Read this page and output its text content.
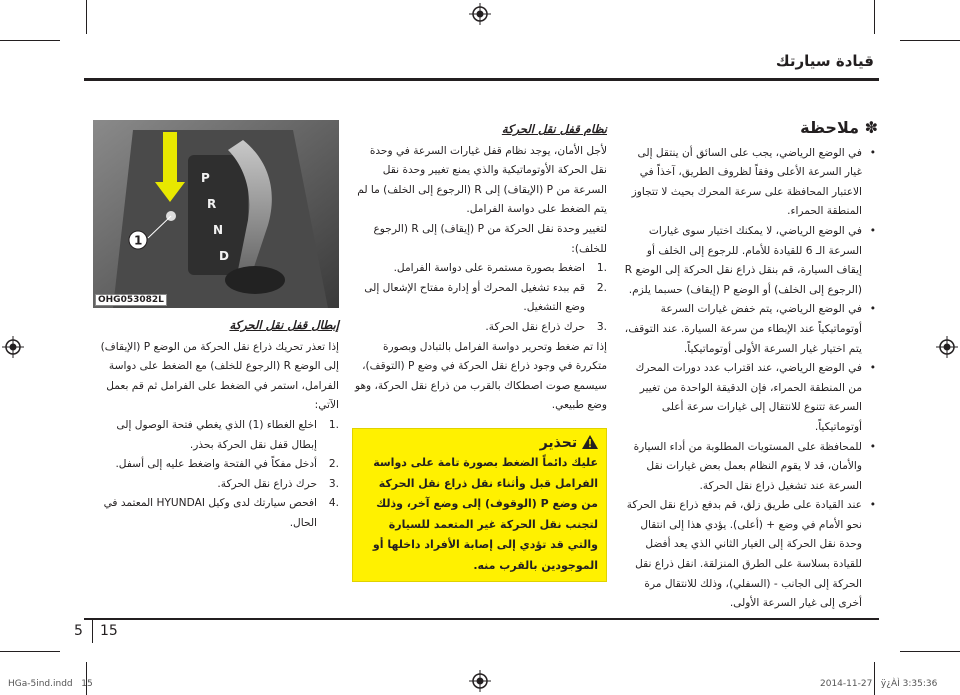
قيادة سيارتك
✽ ملاحظة
• في الوضع الرياضي، يجب على السائق أن ينتقل إلى غيار السرعة الأعلى وفقاً لظروف الطريق، آخذاً في الاعتبار المحافظة على سرعة المحرك بحيث لا تتجاوز المنطقة الحمراء.
• في الوضع الرياضي، لا يمكنك اختيار سوى غيارات السرعة الـ 6 للقيادة للأمام. للرجوع إلى الخلف أو إيقاف السيارة، قم بنقل ذراع نقل الحركة إلى الوضع R (الرجوع إلى الخلف) أو الوضع P (إيقاف) حسبما يلزم.
• في الوضع الرياضي، يتم خفض غيارات السرعة أوتوماتيكياً عند الإبطاء من سرعة السيارة. عند التوقف، يتم اختيار غيار السرعة الأولى أوتوماتيكياً.
• في الوضع الرياضي، عند اقتراب عدد دورات المحرك من المنطقة الحمراء، فإن الدقيقة الواحدة من تغيير السرعة تتنوع للانتقال إلى غيارات سرعة أعلى أوتوماتيكياً.
• للمحافظة على المستويات المطلوبة من أداء السيارة والأمان، قد لا يقوم النظام بعمل بعض غيارات نقل السرعة عند تشغيل ذراع نقل الحركة.
• عند القيادة على طريق زلق، قم بدفع ذراع نقل الحركة نحو الأمام في وضع + (أعلى). يؤدي هذا إلى انتقال وحدة نقل الحركة إلى الغيار الثاني الذي يعد أفضل للقيادة بسلاسة على الطرق المنزلقة. انقل ذراع نقل الحركة إلى الجانب - (السفلي)، وذلك للانتقال مرة أخرى إلى غيار السرعة الأولى.

نظام قفل نقل الحركة

لأجل الأمان، يوجد نظام قفل غيارات السرعة في وحدة نقل الحركة الأوتوماتيكية والذي يمنع تغيير وحدة نقل السرعة من P (الإيقاف) إلى R (الرجوع إلى الخلف) ما لم يتم الضغط على دواسة الفرامل.

لتغيير وحدة نقل الحركة من P (إيقاف) إلى R (الرجوع للخلف):

.1
اضغط بصورة مستمرة على دواسة الفرامل.
.2
قم ببدء تشغيل المحرك أو إدارة مفتاح الإشعال إلى وضع التشغيل.
.3
حرك ذراع نقل الحركة.

إذا تم ضغط وتحرير دواسة الفرامل بالتبادل وبصورة متكررة في وجود ذراع نقل الحركة في وضع P (التوقف)، سيسمع صوت اصطكاك بالقرب من ذراع نقل الحركة، وهو وضع طبيعي.

تحذير

عليك دائماً الضغط بصورة تامة على دواسة الفرامل قبل وأثناء نقل ذراع نقل الحركة من وضع P (الوقوف) إلى وضع آخر، وذلك لتجنب نقل الحركة غير المتعمد للسيارة والتي قد تؤدي إلى إصابة الأفراد داخلها أو الموجودين بالقرب منه.

P
R
N
D
1
OHG053082L

إبطال قفل نقل الحركة

إذا تعذر تحريك ذراع نقل الحركة من الوضع P (الإيقاف) إلى الوضع R (الرجوع للخلف) مع الضغط على دواسة الفرامل، استمر في الضغط على الفرامل ثم قم بعمل الآتي:

.1
اخلع الغطاء (1) الذي يغطي فتحة الوصول إلى إبطال قفل نقل الحركة بحذر.
.2
أدخل مفكاً في الفتحة واضغط عليه إلى أسفل.
.3
حرك ذراع نقل الحركة.
.4
افحص سيارتك لدى وكيل HYUNDAI المعتمد في الحال.
5 15
HGa-5ind.indd   15	2014-11-27   ÿ¿ÀÌ 3:35:36
